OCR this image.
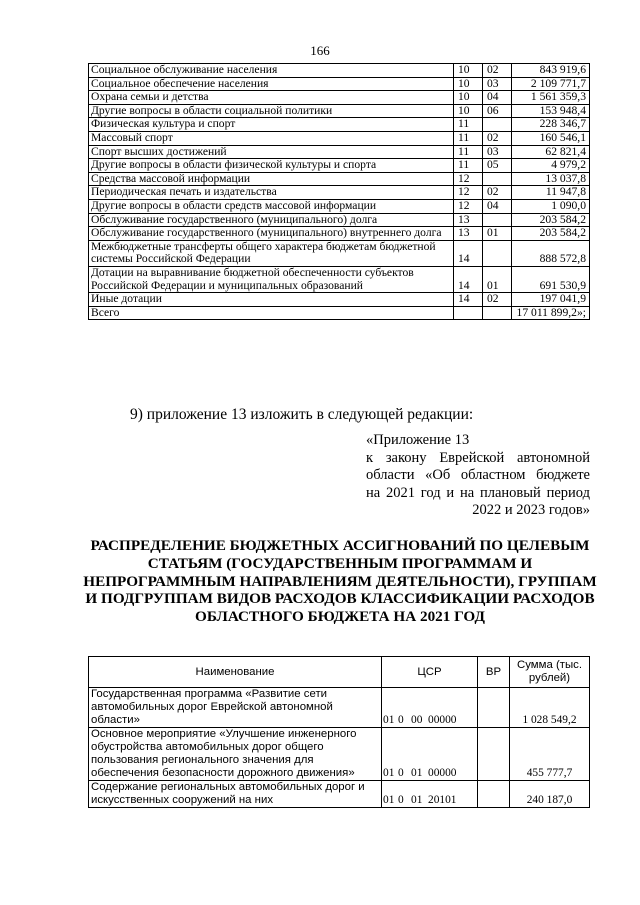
166
Социальное обслуживание населения	10	02	843 919,6
Социальное обеспечение населения	10	03	2 109 771,7
Охрана семьи и детства	10	04	1 561 359,3
Другие вопросы в области социальной политики	10	06	153 948,4
Физическая культура и спорт	11		228 346,7
Массовый спорт	11	02	160 546,1
Спорт высших достижений	11	03	62 821,4
Другие вопросы в области физической культуры и спорта	11	05	4 979,2
Средства массовой информации	12		13 037,8
Периодическая печать и издательства	12	02	11 947,8
Другие вопросы в области средств массовой информации	12	04	1 090,0
Обслуживание государственного (муниципального) долга	13		203 584,2
Обслуживание государственного (муниципального) внутреннего долга	13	01	203 584,2
Межбюджетные трансферты общего характера бюджетам бюджетной системы Российской Федерации	14		888 572,8
Дотации на выравнивание бюджетной обеспеченности субъектов Российской Федерации и муниципальных образований	14	01	691 530,9
Иные дотации	14	02	197 041,9
Всего			17 011 899,2»;
9) приложение 13 изложить в следующей редакции:
«Приложение 13
к закону Еврейской автономной
области «Об областном бюджете
на 2021 год и на плановый период
2022 и 2023 годов»
РАСПРЕДЕЛЕНИЕ БЮДЖЕТНЫХ АССИГНОВАНИЙ ПО ЦЕЛЕВЫМ СТАТЬЯМ (ГОСУДАРСТВЕННЫМ ПРОГРАММАМ И НЕПРОГРАММНЫМ НАПРАВЛЕНИЯМ ДЕЯТЕЛЬНОСТИ), ГРУППАМ И ПОДГРУППАМ ВИДОВ РАСХОДОВ КЛАССИФИКАЦИИ РАСХОДОВ ОБЛАСТНОГО БЮДЖЕТА НА 2021 ГОД
Наименование	ЦСР	ВР	Сумма (тыс. рублей)
Государственная программа «Развитие сети автомобильных дорог Еврейской автономной области»	01 0 00 00000		1 028 549,2
Основное мероприятие «Улучшение инженерного обустройства автомобильных дорог общего пользования регионального значения для обеспечения безопасности дорожного движения»	01 0 01 00000		455 777,7
Содержание региональных автомобильных дорог и искусственных сооружений на них	01 0 01 20101		240 187,0
